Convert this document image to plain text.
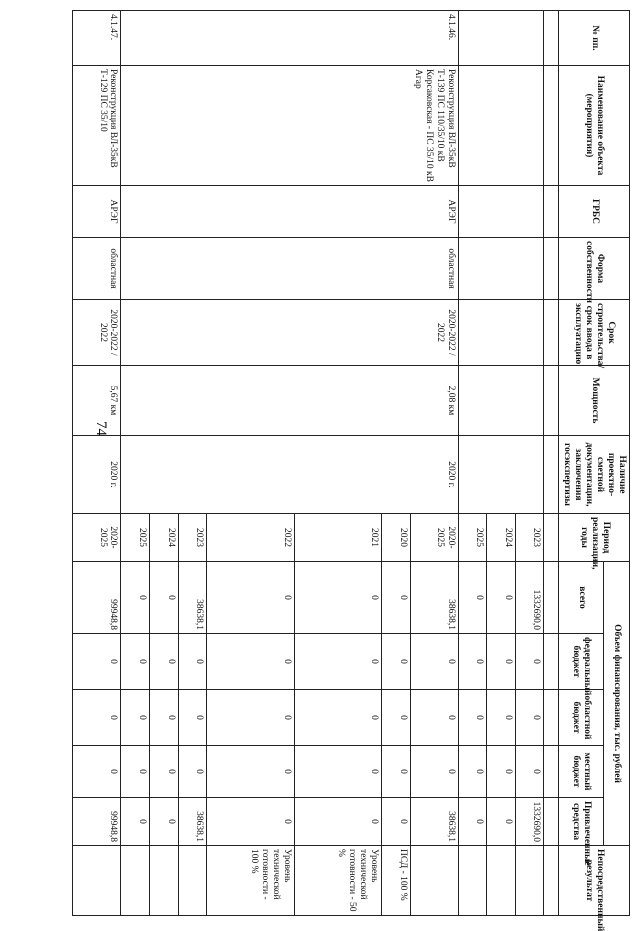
74
№ пп.	Наименование объекта (мероприятия)	ГРБС	Форма собственности	Срок строительства/ срок ввода в эксплуатацию	Мощность	Наличие проектно-сметной документации, заключения госэкспертизы	Период реализации, годы	Объем финансирования, тыс. рублей					Непосредственный результат
								всего	федеральный бюджет	областной бюджет	местный бюджет	Привлеченные средства	

							2023	1332690,0	0	0	0	1332690,0	
							2024	0	0	0	0	0	
							2025	0	0	0	0	0	
4.1.46.	Реконструкция ВЛ-35кВ Т-139 ПС 110/35/10 кВ Корсаковская - ПС 35/10 кВ Агар	АРЭГ	областная	2020-2022 / 2022	2,08 км	2020 г.	2020-2025	38638,1	0	0	0	38638,1	
							2020	0	0	0	0	0	ПСД - 100 %
							2021	0	0	0	0	0	Уровень технической готовности - 50 %
							2022	0	0	0	0	0	Уровень технической готовности - 100 %
							2023	38638,1	0	0	0	38638,1	
							2024	0	0	0	0	0	
							2025	0	0	0	0	0	
4.1.47.	Реконструкция ВЛ-35кВ Т-129 ПС 35/10	АРЭГ	областная	2020-2022 / 2022	5,67 км	2020 г.	2020-2025	99948,8	0	0	0	99948,8	
